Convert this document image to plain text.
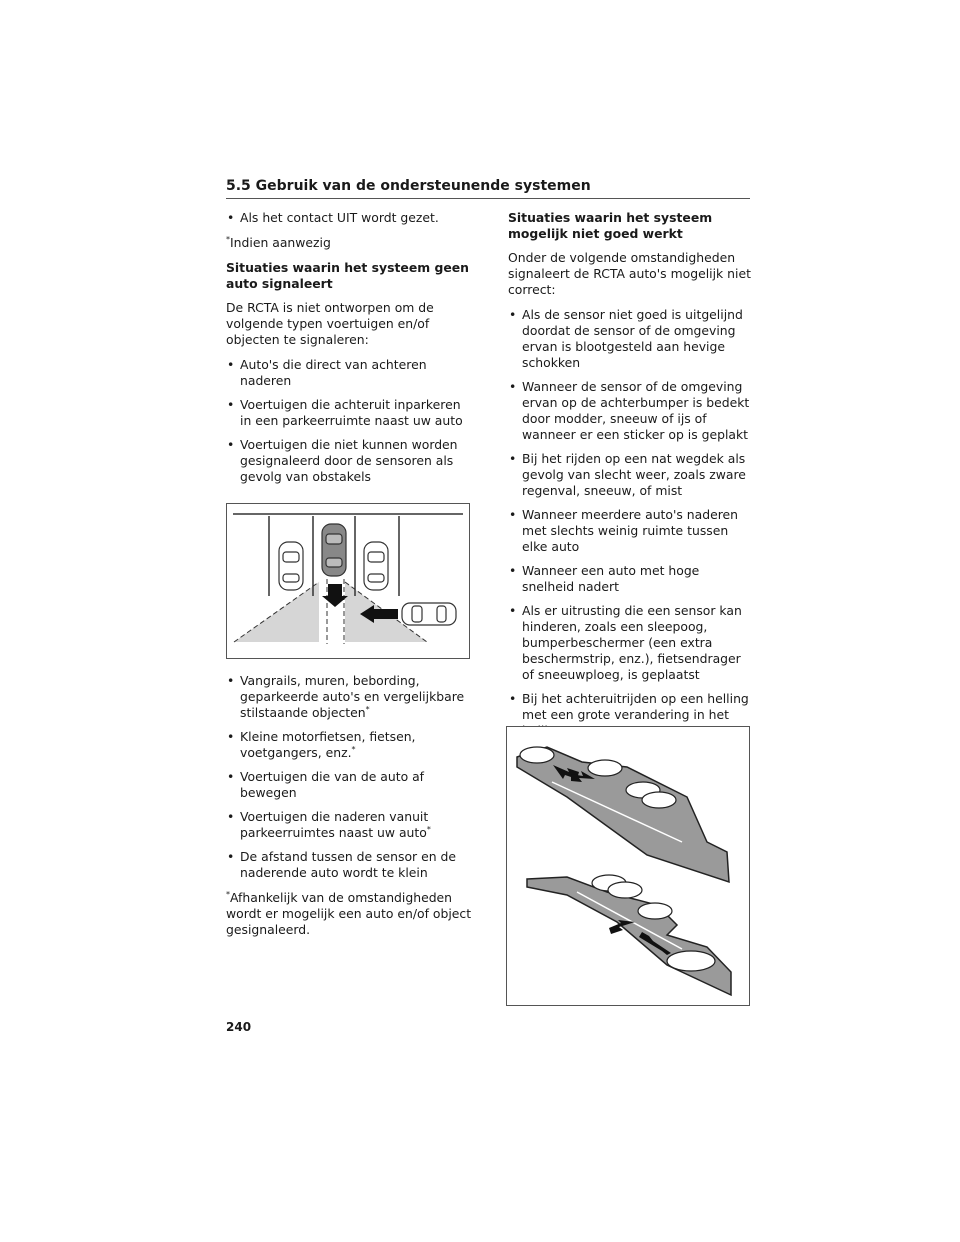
5.5 Gebruik van de ondersteunende systemen
• Als het contact UIT wordt gezet.

*Indien aanwezig

Situaties waarin het systeem geen auto signaleert

De RCTA is niet ontworpen om de volgende typen voertuigen en/of objecten te signaleren:

• Auto's die direct van achteren naderen
• Voertuigen die achteruit inparkeren in een parkeerruimte naast uw auto
• Voertuigen die niet kunnen worden gesignaleerd door de sensoren als gevolg van obstakels
• Vangrails, muren, bebording, geparkeerde auto's en vergelijkbare stilstaande objecten*
• Kleine motorfietsen, fietsen, voetgangers, enz.*
• Voertuigen die van de auto af bewegen
• Voertuigen die naderen vanuit parkeerruimtes naast uw auto*
• De afstand tussen de sensor en de naderende auto wordt te klein

*Afhankelijk van de omstandigheden wordt er mogelijk een auto en/of object gesignaleerd.

Situaties waarin het systeem mogelijk niet goed werkt

Onder de volgende omstandigheden signaleert de RCTA auto's mogelijk niet correct:

• Als de sensor niet goed is uitgelijnd doordat de sensor of de omgeving ervan is blootgesteld aan hevige schokken
• Wanneer de sensor of de omgeving ervan op de achterbumper is bedekt door modder, sneeuw of ijs of wanneer er een sticker op is geplakt
• Bij het rijden op een nat wegdek als gevolg van slecht weer, zoals zware regenval, sneeuw, of mist
• Wanneer meerdere auto's naderen met slechts weinig ruimte tussen elke auto
• Wanneer een auto met hoge snelheid nadert
• Als er uitrusting die een sensor kan hinderen, zoals een sleepoog, bumperbeschermer (een extra beschermstrip, enz.), fietsendrager of sneeuwploeg, is geplaatst
• Bij het achteruitrijden op een helling met een grote verandering in het
240
